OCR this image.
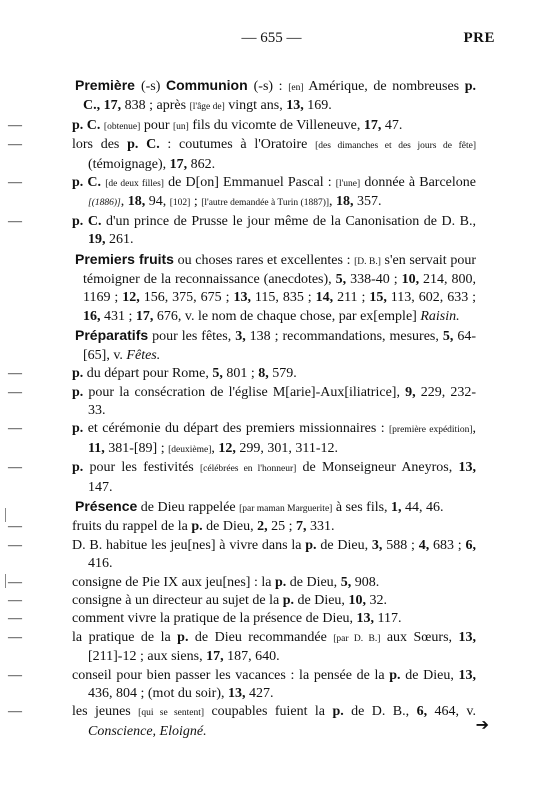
— 655 —	PRE

Première (-s) Communion (-s) : [en] Amérique, de nombreuses p. C., 17, 838 ; après [l'âge de] vingt ans, 13, 169.

—	p. C. [obtenue] pour [un] fils du vicomte de Villeneuve, 17, 47.

—	lors des p. C. : coutumes à l'Oratoire [des dimanches et des jours de fête] (témoignage), 17, 862.

—	p. C. [de deux filles] de D[on] Emmanuel Pascal : [l'une] donnée à Barcelone [(1886)], 18, 94, [102] ; [l'autre demandée à Turin (1887)], 18, 357.

—	p. C. d'un prince de Prusse le jour même de la Canonisation de D. B., 19, 261.

Premiers fruits ou choses rares et excellentes : [D. B.] s'en servait pour témoigner de la reconnaissance (anecdotes), 5, 338-40 ; 10, 214, 800, 1169 ; 12, 156, 375, 675 ; 13, 115, 835 ; 14, 211 ; 15, 113, 602, 633 ; 16, 431 ; 17, 676, v. le nom de chaque chose, par ex[emple] Raisin.

Préparatifs pour les fêtes, 3, 138 ; recommandations, mesures, 5, 64-[65], v. Fêtes.

—	p. du départ pour Rome, 5, 801 ; 8, 579.

—	p. pour la consécration de l'église M[arie]-Aux[iliatrice], 9, 229, 232-33.

—	p. et cérémonie du départ des premiers missionnaires : [première expédition], 11, 381-[89] ; [deuxième], 12, 299, 301, 311-12.

—	p. pour les festivités [célébrées en l'honneur] de Monseigneur Aneyros, 13, 147.

Présence de Dieu rappelée [par maman Marguerite] à ses fils, 1, 44, 46.

—	fruits du rappel de la p. de Dieu, 2, 25 ; 7, 331.

—	D. B. habitue les jeu[nes] à vivre dans la p. de Dieu, 3, 588 ; 4, 683 ; 6, 416.

—	consigne de Pie IX aux jeu[nes] : la p. de Dieu, 5, 908.

—	consigne à un directeur au sujet de la p. de Dieu, 10, 32.

—	comment vivre la pratique de la présence de Dieu, 13, 117.

—	la pratique de la p. de Dieu recommandée [par D. B.] aux Sœurs, 13, [211]-12 ; aux siens, 17, 187, 640.

—	conseil pour bien passer les vacances : la pensée de la p. de Dieu, 13, 436, 804 ; (mot du soir), 13, 427.

—	les jeunes [qui se sentent] coupables fuient la p. de D. B., 6, 464, v. Conscience, Eloigné.	➔
